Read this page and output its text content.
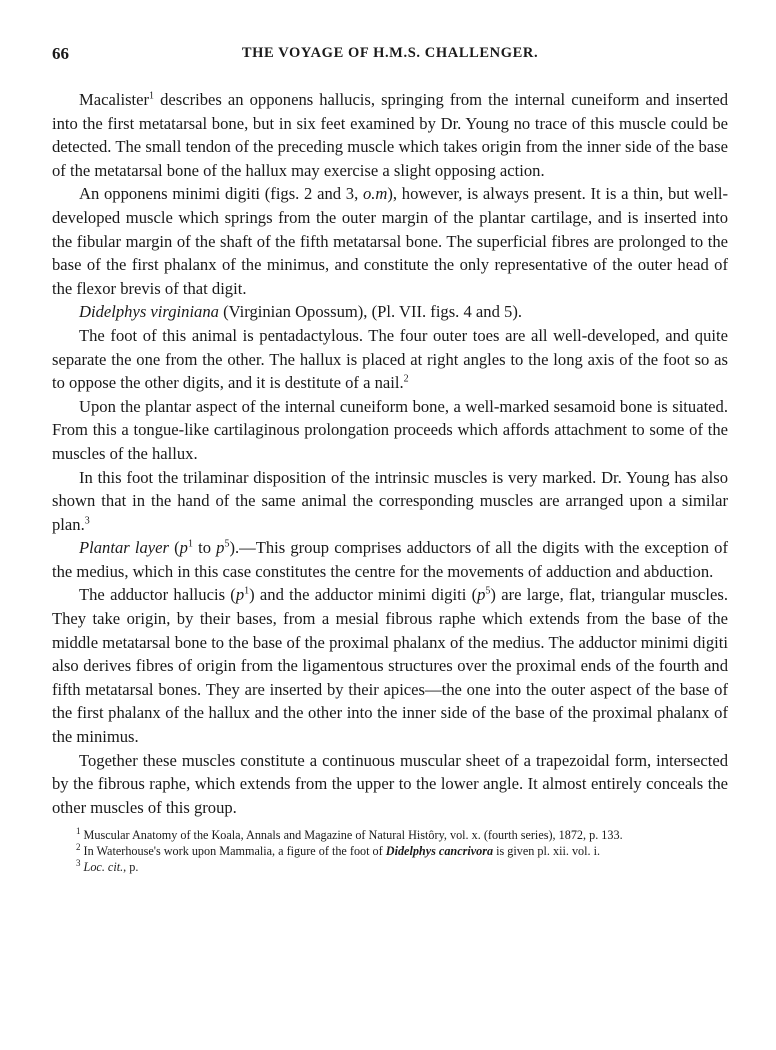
66	THE VOYAGE OF H.M.S. CHALLENGER.

Macalister$^1$ describes an opponens hallucis, springing from the internal cuneiform and inserted into the first metatarsal bone, but in six feet examined by Dr. Young no trace of this muscle could be detected. The small tendon of the preceding muscle which takes origin from the inner side of the base of the metatarsal bone of the hallux may exercise a slight opposing action.

An opponens minimi digiti (figs. 2 and 3, o.m), however, is always present. It is a thin, but well-developed muscle which springs from the outer margin of the plantar cartilage, and is inserted into the fibular margin of the shaft of the fifth metatarsal bone. The superficial fibres are prolonged to the base of the first phalanx of the minimus, and constitute the only representative of the outer head of the flexor brevis of that digit.

Didelphys virginiana (Virginian Opossum), (Pl. VII. figs. 4 and 5).

The foot of this animal is pentadactylous. The four outer toes are all well-developed, and quite separate the one from the other. The hallux is placed at right angles to the long axis of the foot so as to oppose the other digits, and it is destitute of a nail.$^2$

Upon the plantar aspect of the internal cuneiform bone, a well-marked sesamoid bone is situated. From this a tongue-like cartilaginous prolongation proceeds which affords attachment to some of the muscles of the hallux.

In this foot the trilaminar disposition of the intrinsic muscles is very marked. Dr. Young has also shown that in the hand of the same animal the corresponding muscles are arranged upon a similar plan.$^3$

Plantar layer ($p^1$ to $p^5).—This$ group comprises adductors of all the digits with the exception of the medius, which in this case constitutes the centre for the movements of adduction and abduction.

The adductor hallucis $(p^1)$ and the adductor minimi digiti $(p^5)$ are large, flat, triangular muscles. They take origin, by their bases, from a mesial fibrous raphe which extends from the base of the middle metatarsal bone to the base of the proximal phalanx of the medius. The adductor minimi digiti also derives fibres of origin from the ligamentous structures over the proximal ends of the fourth and fifth metatarsal bones. They are inserted by their apices—the one into the outer aspect of the base of the first phalanx of the hallux and the other into the inner side of the base of the proximal phalanx of the minimus.

Together these muscles constitute a continuous muscular sheet of a trapezoidal form, intersected by the fibrous raphe, which extends from the upper to the lower angle. It almost entirely conceals the other muscles of this group.

$^1$ Muscular Anatomy of the Koala, Annals and Magazine of Natural Histôry, vol. x. (fourth series), 1872, p. 133.

$^2$ In Waterhouse's work upon Mammalia, a figure of the foot of Didelphys cancrivora is given pl. xii. vol. i.

$^3$ Loc. cit., p.
